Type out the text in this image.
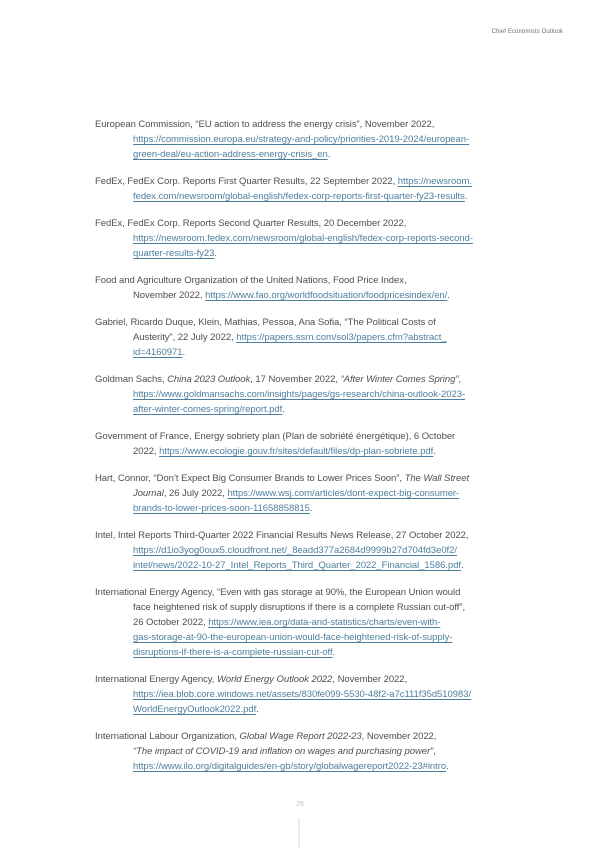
Chief Economists Outlook
European Commission, “EU action to address the energy crisis”, November 2022,
https://commission.europa.eu/strategy-and-policy/priorities-2019-2024/european-
green-deal/eu-action-address-energy-crisis_en.
FedEx, FedEx Corp. Reports First Quarter Results, 22 September 2022, https://newsroom.
fedex.com/newsroom/global-english/fedex-corp-reports-first-quarter-fy23-results.
FedEx, FedEx Corp. Reports Second Quarter Results, 20 December 2022,
https://newsroom.fedex.com/newsroom/global-english/fedex-corp-reports-second-
quarter-results-fy23.
Food and Agriculture Organization of the United Nations, Food Price Index,
November 2022, https://www.fao.org/worldfoodsituation/foodpricesindex/en/.
Gabriel, Ricardo Duque, Klein, Mathias, Pessoa, Ana Sofia, “The Political Costs of
Austerity”, 22 July 2022, https://papers.ssrn.com/sol3/papers.cfm?abstract_
id=4160971.
Goldman Sachs, China 2023 Outlook, 17 November 2022, “After Winter Comes Spring”,
https://www.goldmansachs.com/insights/pages/gs-research/china-outlook-2023-
after-winter-comes-spring/report.pdf.
Government of France, Energy sobriety plan (Plan de sobriété énergétique), 6 October
2022, https://www.ecologie.gouv.fr/sites/default/files/dp-plan-sobriete.pdf.
Hart, Connor, “Don’t Expect Big Consumer Brands to Lower Prices Soon”, The Wall Street
Journal, 26 July 2022, https://www.wsj.com/articles/dont-expect-big-consumer-
brands-to-lower-prices-soon-11658858815.
Intel, Intel Reports Third-Quarter 2022 Financial Results News Release, 27 October 2022,
https://d1io3yog0oux5.cloudfront.net/_8eadd377a2684d9999b27d704fd3e0f2/
intel/news/2022-10-27_Intel_Reports_Third_Quarter_2022_Financial_1586.pdf.
International Energy Agency, “Even with gas storage at 90%, the European Union would
face heightened risk of supply disruptions if there is a complete Russian cut-off”,
26 October 2022, https://www.iea.org/data-and-statistics/charts/even-with-
gas-storage-at-90-the-european-union-would-face-heightened-risk-of-supply-
disruptions-if-there-is-a-complete-russian-cut-off.
International Energy Agency, World Energy Outlook 2022, November 2022,
https://iea.blob.core.windows.net/assets/830fe099-5530-48f2-a7c111f35d510983/
WorldEnergyOutlook2022.pdf.
International Labour Organization, Global Wage Report 2022-23, November 2022,
“The impact of COVID-19 and inflation on wages and purchasing power”,
https://www.ilo.org/digitalguides/en-gb/story/globalwagereport2022-23#intro.
26
